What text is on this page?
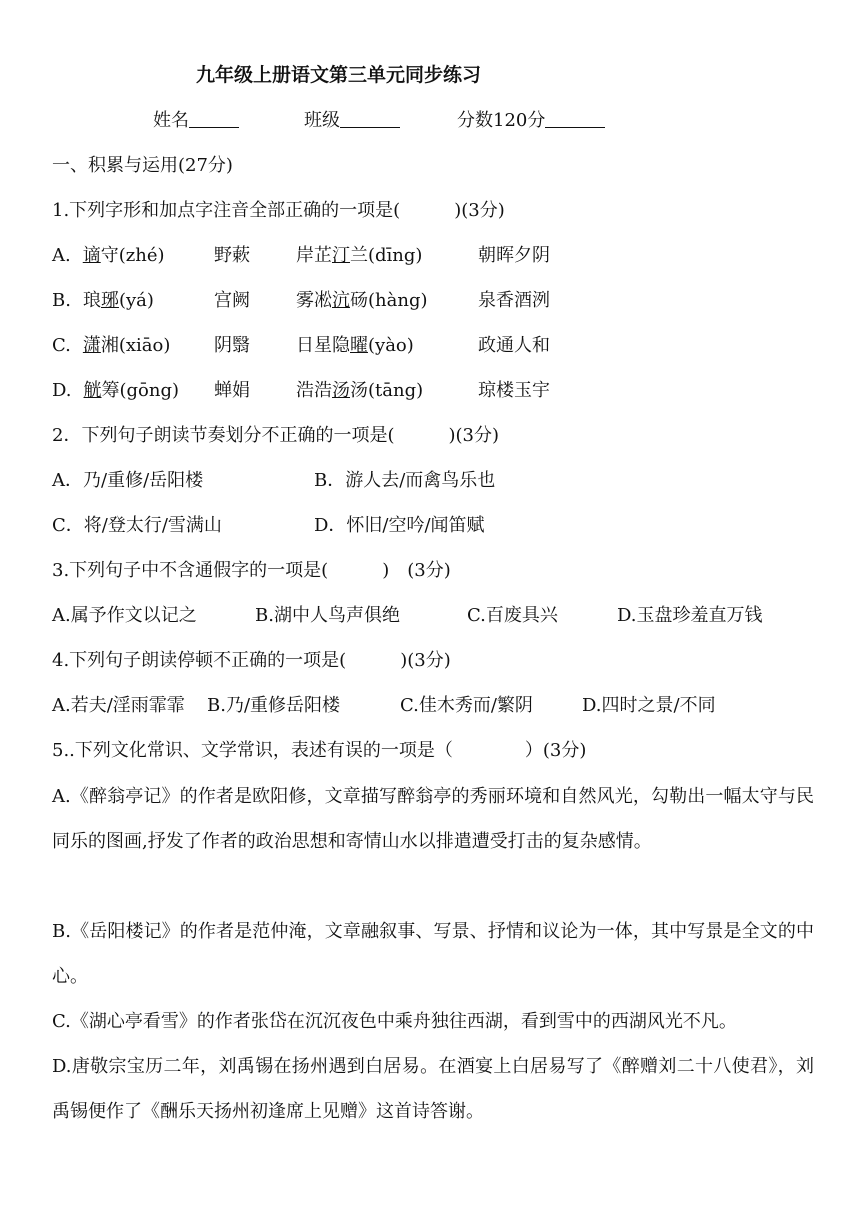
九年级上册语文第三单元同步练习
姓名	班级	分数120分
一、积累与运用(27分)
1.下列字形和加点字注音全部正确的一项是(　　　)(3分)
A. 谪守(zhé)	野蔌	岸芷汀兰(dīng)	朝晖夕阴
B. 琅琊(yá)	宫阙	雾凇沆砀(hàng)	泉香酒洌
C. 潇湘(xiāo) 阴翳	日星隐曜(yào)	政通人和
D. 觥筹(gōng) 蝉娟	浩浩汤汤(tāng)	琼楼玉宇
2．下列句子朗读节奏划分不正确的一项是(　　　)(3分)
A．乃/重修/岳阳楼	B．游人去/而禽鸟乐也
C．将/登太行/雪满山	D．怀旧/空吟/闻笛赋
3.下列句子中不含通假字的一项是(　　　)　(3分)
A.属予作文以记之	B.湖中人鸟声俱绝	C.百废具兴	D.玉盘珍羞直万钱
4.下列句子朗读停顿不正确的一项是(　　　)(3分)
A.若夫/淫雨霏霏 B.乃/重修岳阳楼	C.佳木秀而/繁阴	D.四时之景/不同
5..下列文化常识、文学常识，表述有误的一项是（　　　　）(3分)
A.《醉翁亭记》的作者是欧阳修，文章描写醉翁亭的秀丽环境和自然风光，勾勒出一幅太守与民同乐的图画,抒发了作者的政治思想和寄情山水以排遣遭受打击的复杂感情。
B.《岳阳楼记》的作者是范仲淹，文章融叙事、写景、抒情和议论为一体，其中写景是全文的中心。
C.《湖心亭看雪》的作者张岱在沉沉夜色中乘舟独往西湖，看到雪中的西湖风光不凡。
D.唐敬宗宝历二年，刘禹锡在扬州遇到白居易。在酒宴上白居易写了《醉赠刘二十八使君》，刘禹锡便作了《酬乐天扬州初逢席上见赠》这首诗答谢。
